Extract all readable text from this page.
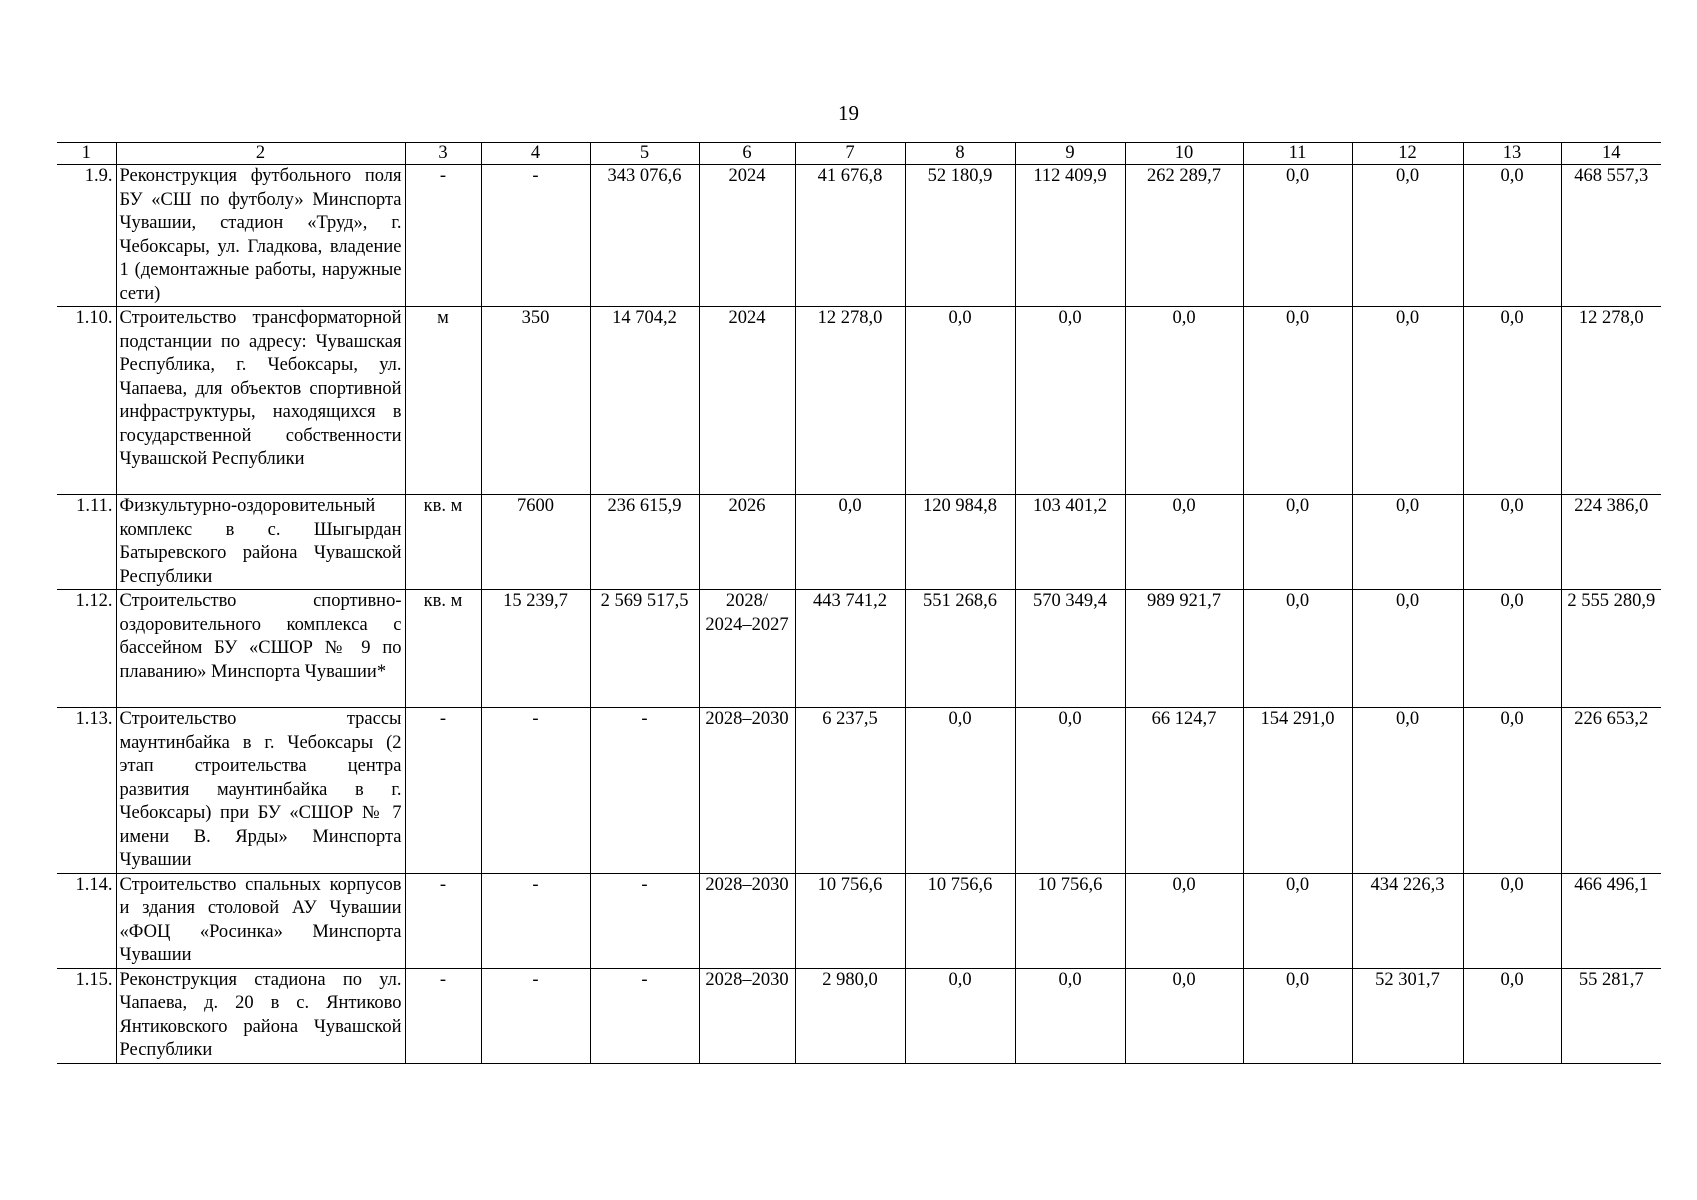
19
1	2	3	4	5	6	7	8	9	10	11	12	13	14
1.9.	Реконструкция футбольного поля БУ «СШ по футболу» Минспорта Чувашии, стадион «Труд», г. Чебоксары, ул. Гладкова, владение 1 (демонтажные работы, наружные сети)	-	-	343 076,6	2024	41 676,8	52 180,9	112 409,9	262 289,7	0,0	0,0	0,0	468 557,3
1.10.	Строительство трансформаторной подстанции по адресу: Чувашская Республика, г. Чебоксары, ул. Чапаева, для объектов спортивной инфраструктуры, находящихся в государственной собственности Чувашской Республики	м	350	14 704,2	2024	12 278,0	0,0	0,0	0,0	0,0	0,0	0,0	12 278,0
1.11.	Физкультурно-оздоровительный комплекс в с. Шыгырдан Батыревского района Чувашской Республики	кв. м	7600	236 615,9	2026	0,0	120 984,8	103 401,2	0,0	0,0	0,0	0,0	224 386,0
1.12.	Строительство спортивно-оздоровительного комплекса с бассейном БУ «СШОР № 9 по плаванию» Минспорта Чувашии*	кв. м	15 239,7	2 569 517,5	2028/ 2024–2027	443 741,2	551 268,6	570 349,4	989 921,7	0,0	0,0	0,0	2 555 280,9
1.13.	Строительство трассы маунтинбайка в г. Чебоксары (2 этап строительства центра развития маунтинбайка в г. Чебоксары) при БУ «СШОР № 7 имени В. Ярды» Минспорта Чувашии	-	-	-	2028–2030	6 237,5	0,0	0,0	66 124,7	154 291,0	0,0	0,0	226 653,2
1.14.	Строительство спальных корпусов и здания столовой АУ Чувашии «ФОЦ «Росинка» Минспорта Чувашии	-	-	-	2028–2030	10 756,6	10 756,6	10 756,6	0,0	0,0	434 226,3	0,0	466 496,1
1.15.	Реконструкция стадиона по ул. Чапаева, д. 20 в с. Янтиково Янтиковского района Чувашской Республики	-	-	-	2028–2030	2 980,0	0,0	0,0	0,0	0,0	52 301,7	0,0	55 281,7
